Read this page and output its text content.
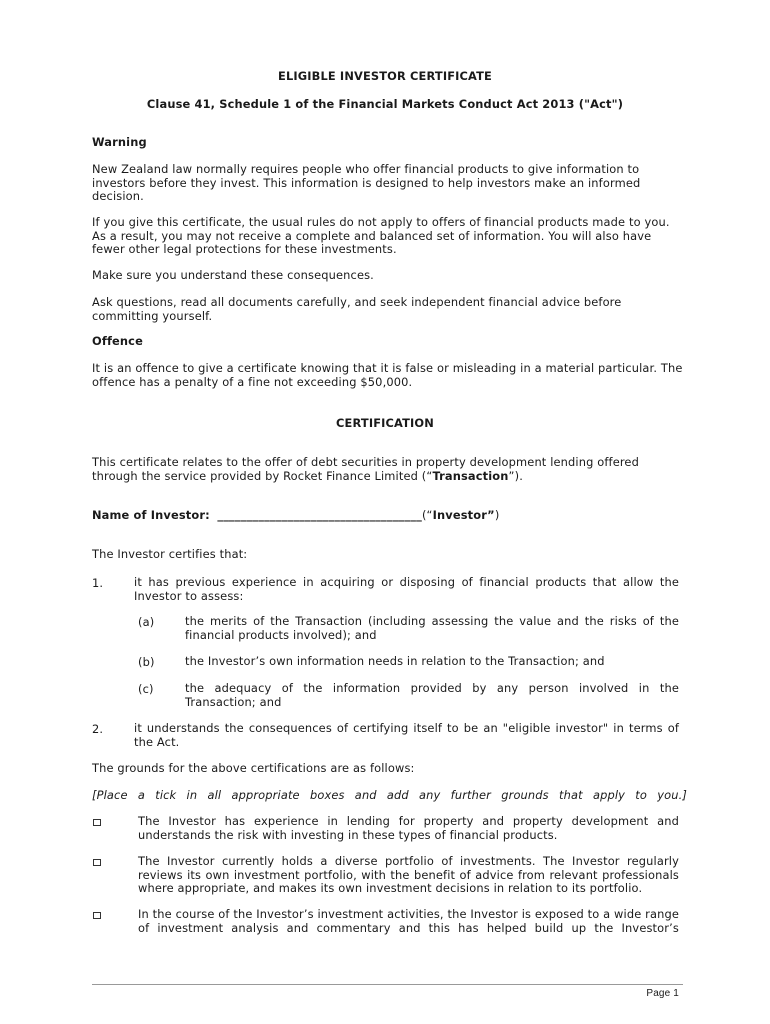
ELIGIBLE INVESTOR CERTIFICATE
Clause 41, Schedule 1 of the Financial Markets Conduct Act 2013 ("Act")
Warning
New Zealand law normally requires people who offer financial products to give information to investors before they invest. This information is designed to help investors make an informed decision.
If you give this certificate, the usual rules do not apply to offers of financial products made to you. As a result, you may not receive a complete and balanced set of information. You will also have fewer other legal protections for these investments.
Make sure you understand these consequences.
Ask questions, read all documents carefully, and seek independent financial advice before committing yourself.
Offence
It is an offence to give a certificate knowing that it is false or misleading in a material particular. The offence has a penalty of a fine not exceeding $50,000.
CERTIFICATION
This certificate relates to the offer of debt securities in property development lending offered through the service provided by Rocket Finance Limited (“Transaction”).
Name of Investor: ___________________________________(“Investor”)
The Investor certifies that:
1.	it has previous experience in acquiring or disposing of financial products that allow the Investor to assess:
(a)	the merits of the Transaction (including assessing the value and the risks of the financial products involved); and
(b)	the Investor’s own information needs in relation to the Transaction; and
(c)	the adequacy of the information provided by any person involved in the Transaction; and
2.	it understands the consequences of certifying itself to be an "eligible investor" in terms of the Act.
The grounds for the above certifications are as follows:
[Place a tick in all appropriate boxes and add any further grounds that apply to you.]
The Investor has experience in lending for property and property development and understands the risk with investing in these types of financial products.
The Investor currently holds a diverse portfolio of investments. The Investor regularly reviews its own investment portfolio, with the benefit of advice from relevant professionals where appropriate, and makes its own investment decisions in relation to its portfolio.
In the course of the Investor’s investment activities, the Investor is exposed to a wide range of investment analysis and commentary and this has helped build up the Investor’s
Page 1
